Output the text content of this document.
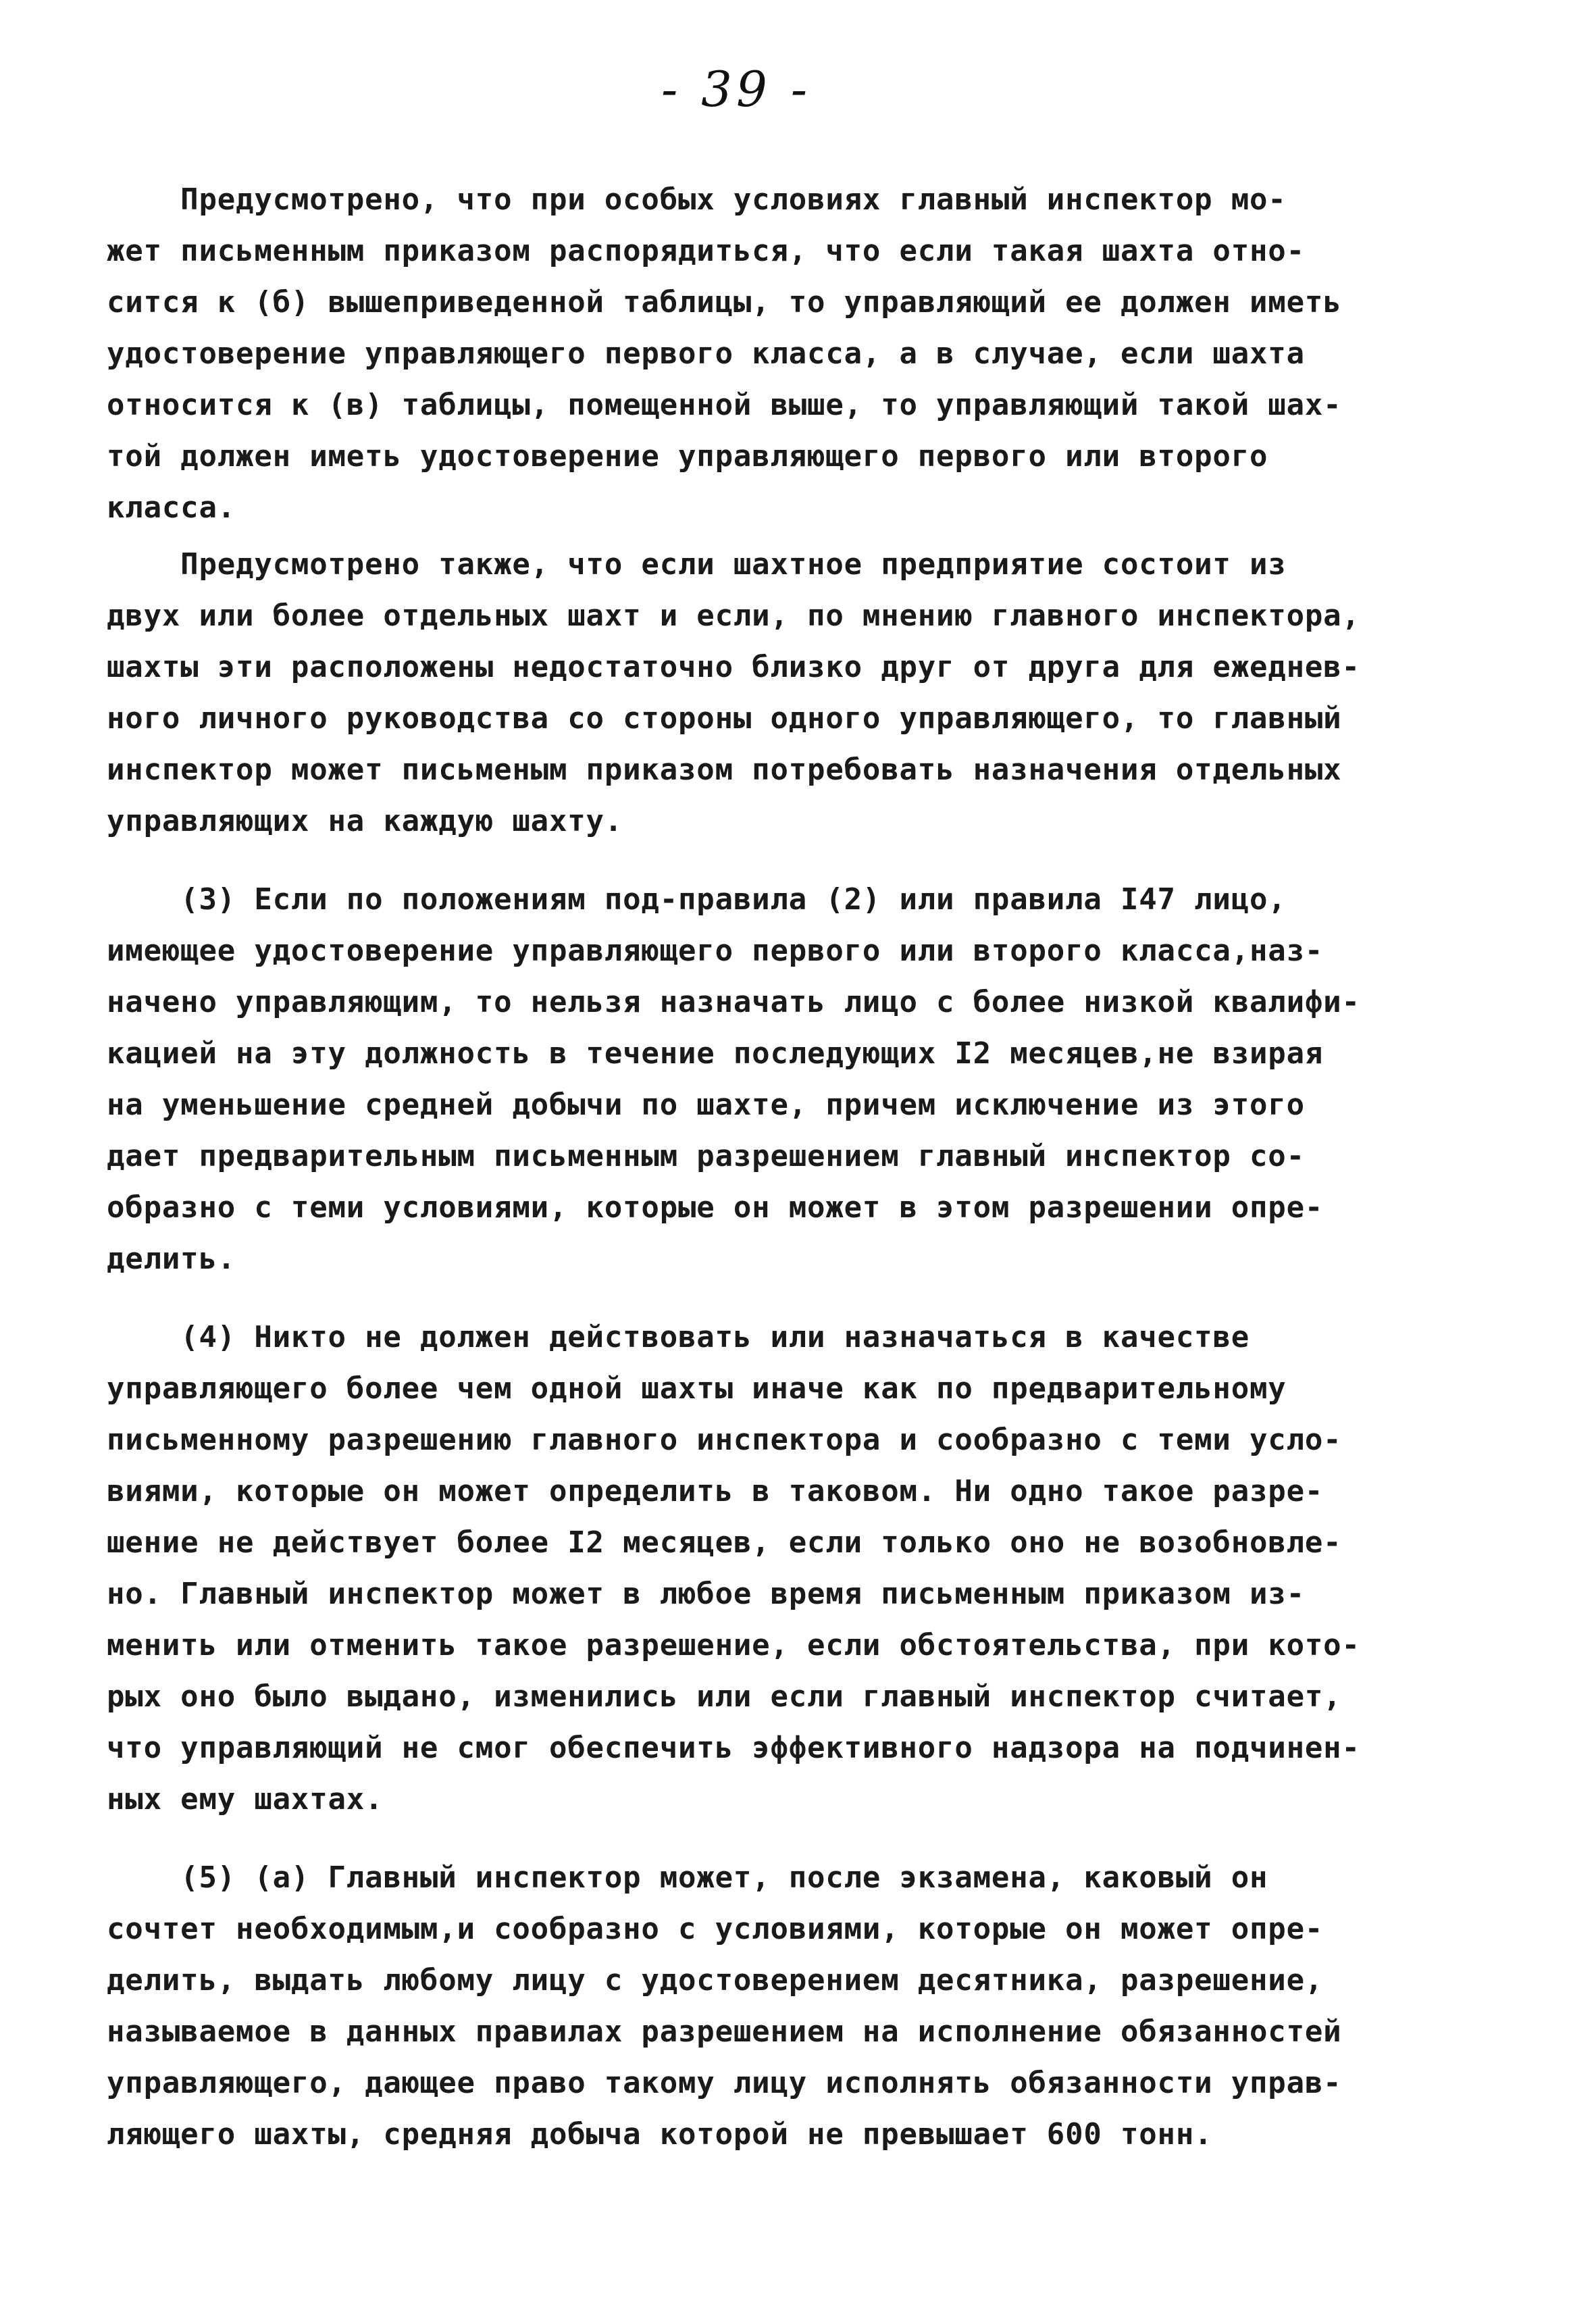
- 39 -
Предусмотрено, что при особых условиях главный инспектор мо-
жет письменным приказом распорядиться, что если такая шахта отно-
сится к (б) вышеприведенной таблицы, то управляющий ее должен иметь
удостоверение управляющего первого класса, а в случае, если шахта
относится к (в) таблицы, помещенной выше, то управляющий такой шах-
той должен иметь удостоверение управляющего первого или второго
класса.
Предусмотрено также, что если шахтное предприятие состоит из
двух или более отдельных шахт и если, по мнению главного инспектора,
шахты эти расположены недостаточно близко друг от друга для ежеднев-
ного личного руководства со стороны одного управляющего, то главный
инспектор может письменым приказом потребовать назначения отдельных
управляющих на каждую шахту.
(3) Если по положениям под-правила (2) или правила I47 лицо,
имеющее удостоверение управляющего первого или второго класса,наз-
начено управляющим, то нельзя назначать лицо с более низкой квалифи-
кацией на эту должность в течение последующих I2 месяцев,не взирая
на уменьшение средней добычи по шахте, причем исключение из этого
дает предварительным письменным разрешением главный инспектор со-
образно с теми условиями, которые он может в этом разрешении опре-
делить.
(4) Никто не должен действовать или назначаться в качестве
управляющего более чем одной шахты иначе как по предварительному
письменному разрешению главного инспектора и сообразно с теми усло-
виями, которые он может определить в таковом. Ни одно такое разре-
шение не действует более I2 месяцев, если только оно не возобновле-
но. Главный инспектор может в любое время письменным приказом из-
менить или отменить такое разрешение, если обстоятельства, при кото-
рых оно было выдано, изменились или если главный инспектор считает,
что управляющий не смог обеспечить эффективного надзора на подчинен-
ных ему шахтах.
(5) (а) Главный инспектор может, после экзамена, каковый он
сочтет необходимым,и сообразно с условиями, которые он может опре-
делить, выдать любому лицу с удостоверением десятника, разрешение,
называемое в данных правилах разрешением на исполнение обязанностей
управляющего, дающее право такому лицу исполнять обязанности управ-
ляющего шахты, средняя добыча которой не превышает 600 тонн.
